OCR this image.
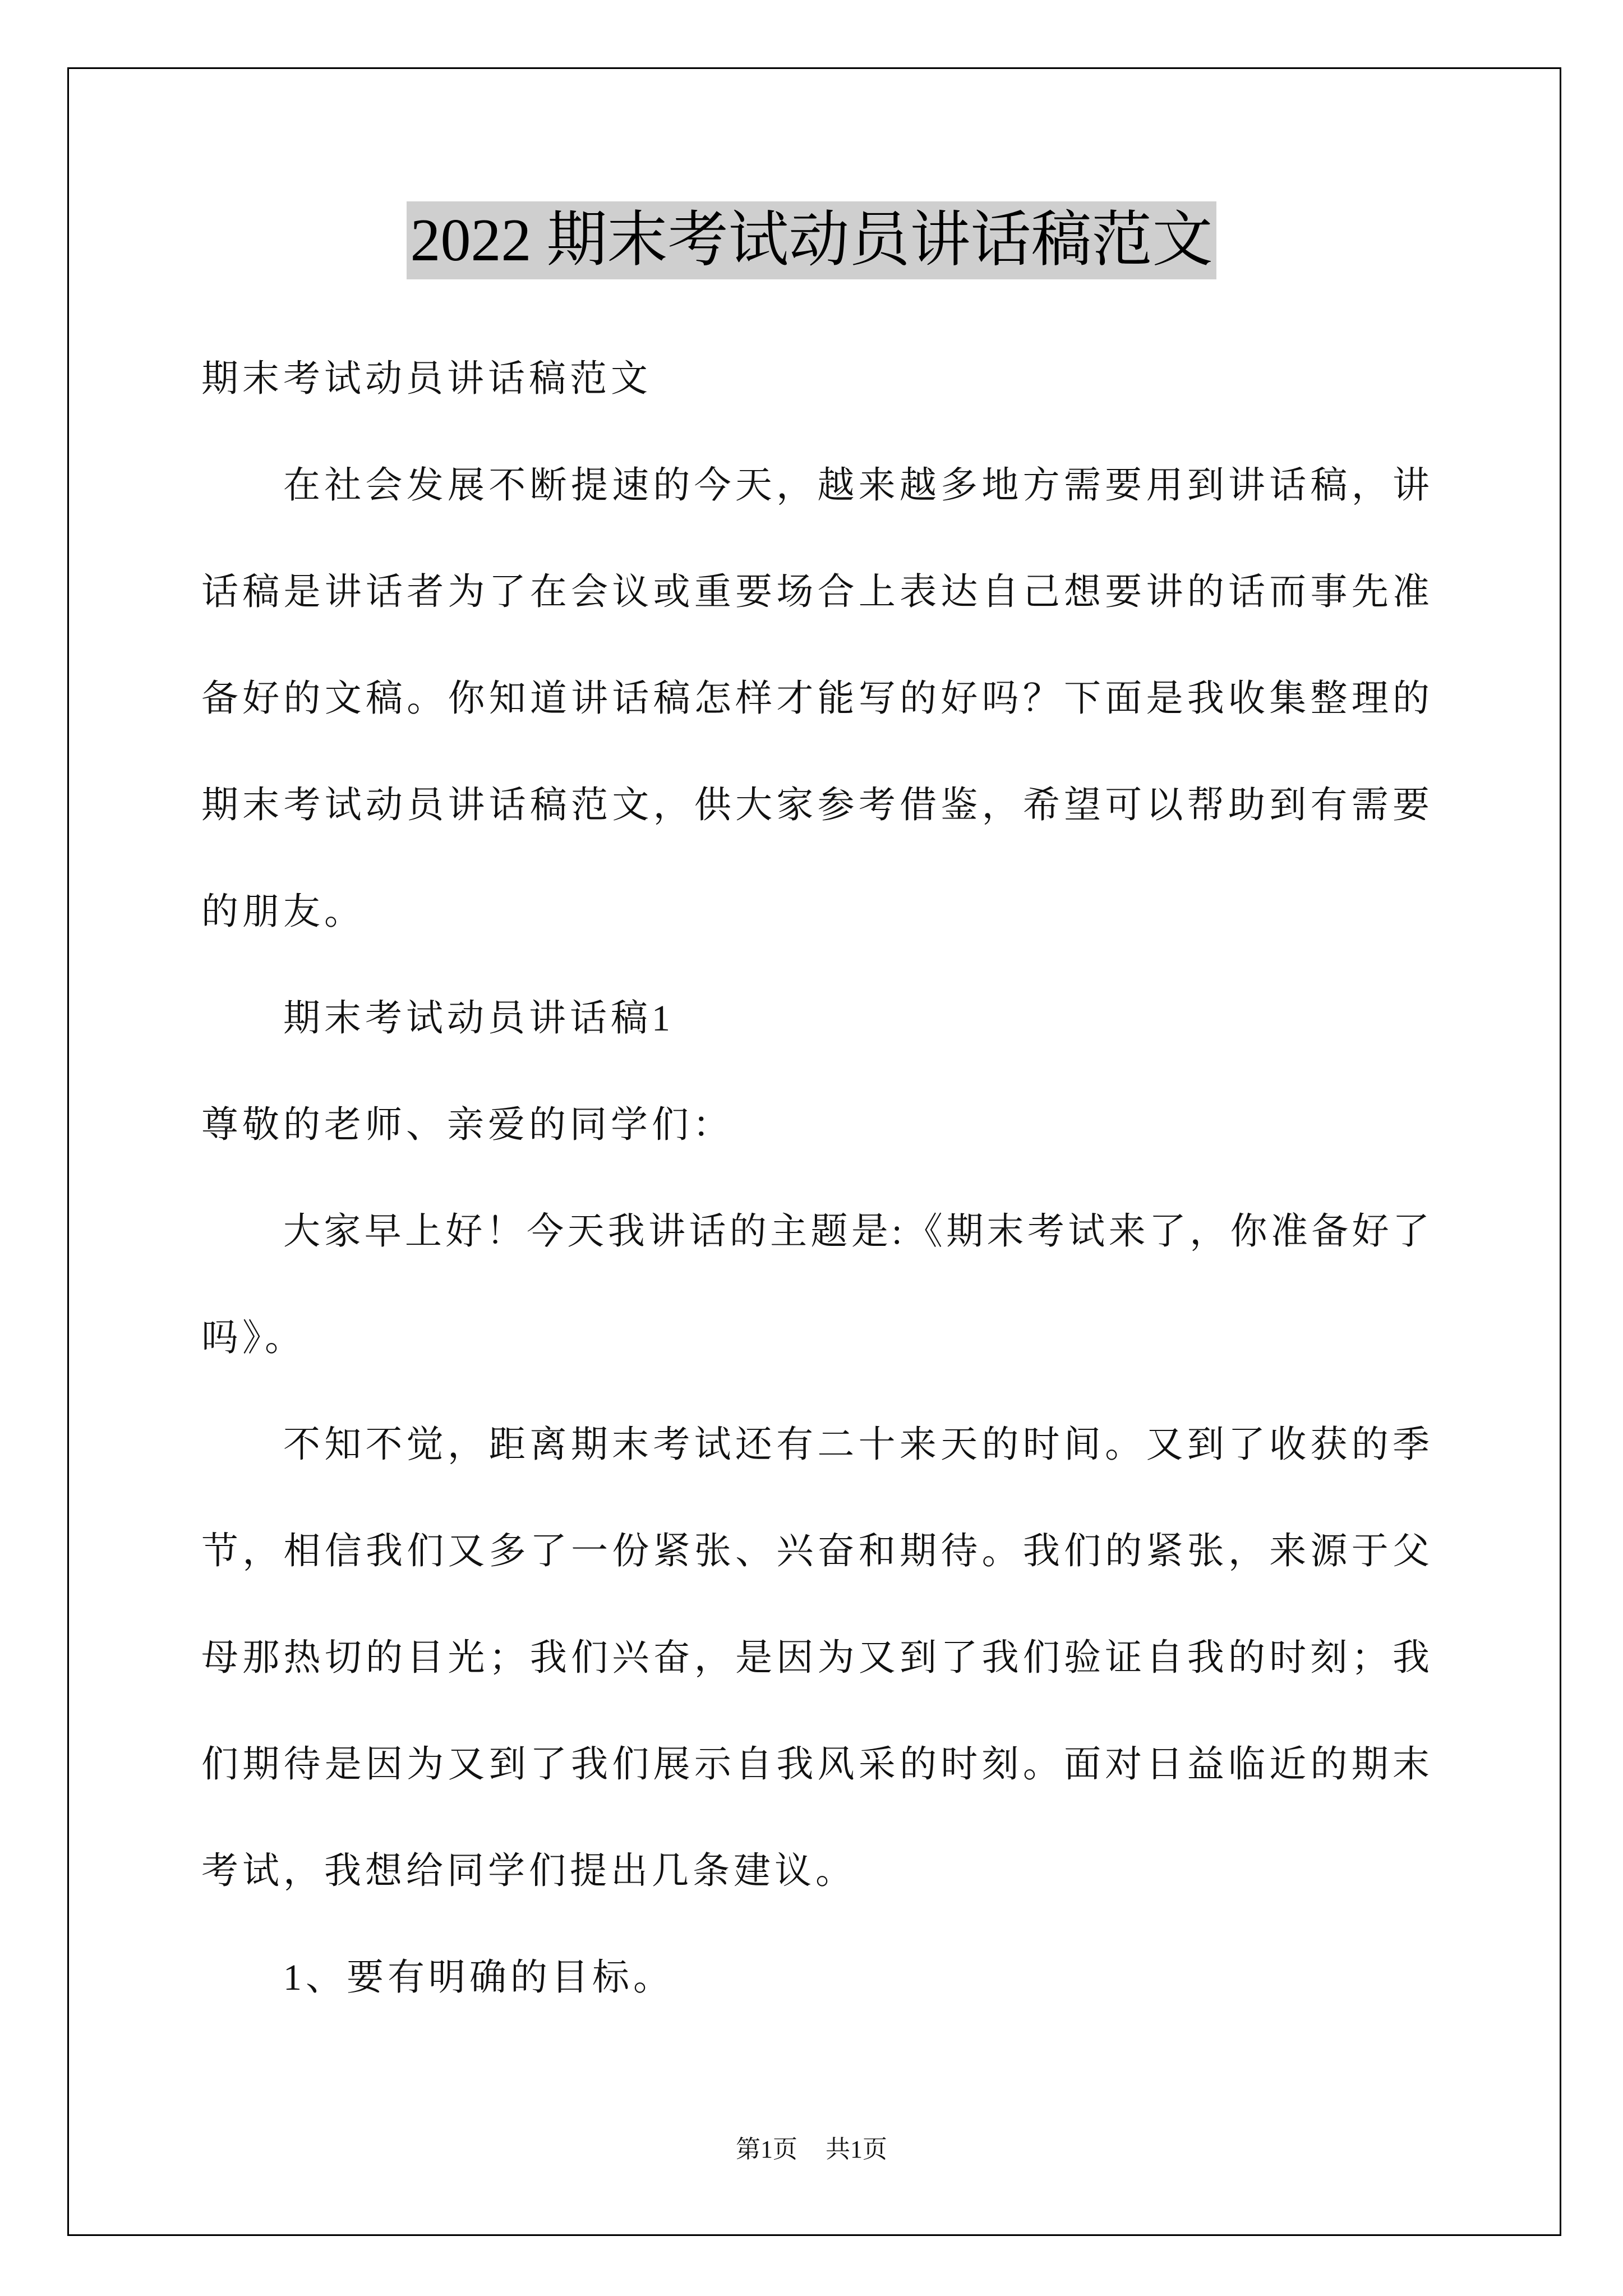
2022 期末考试动员讲话稿范文
期末考试动员讲话稿范文
在社会发展不断提速的今天，越来越多地方需要用到讲话稿，讲
话稿是讲话者为了在会议或重要场合上表达自己想要讲的话而事先准
备好的文稿。你知道讲话稿怎样才能写的好吗？下面是我收集整理的
期末考试动员讲话稿范文，供大家参考借鉴，希望可以帮助到有需要
的朋友。
期末考试动员讲话稿1
尊敬的老师、亲爱的同学们：
大家早上好！今天我讲话的主题是:《期末考试来了，你准备好了
吗》。
不知不觉，距离期末考试还有二十来天的时间。又到了收获的季
节，相信我们又多了一份紧张、兴奋和期待。我们的紧张，来源于父
母那热切的目光；我们兴奋，是因为又到了我们验证自我的时刻；我
们期待是因为又到了我们展示自我风采的时刻。面对日益临近的期末
考试，我想给同学们提出几条建议。
1、要有明确的目标。
第1页 共1页
